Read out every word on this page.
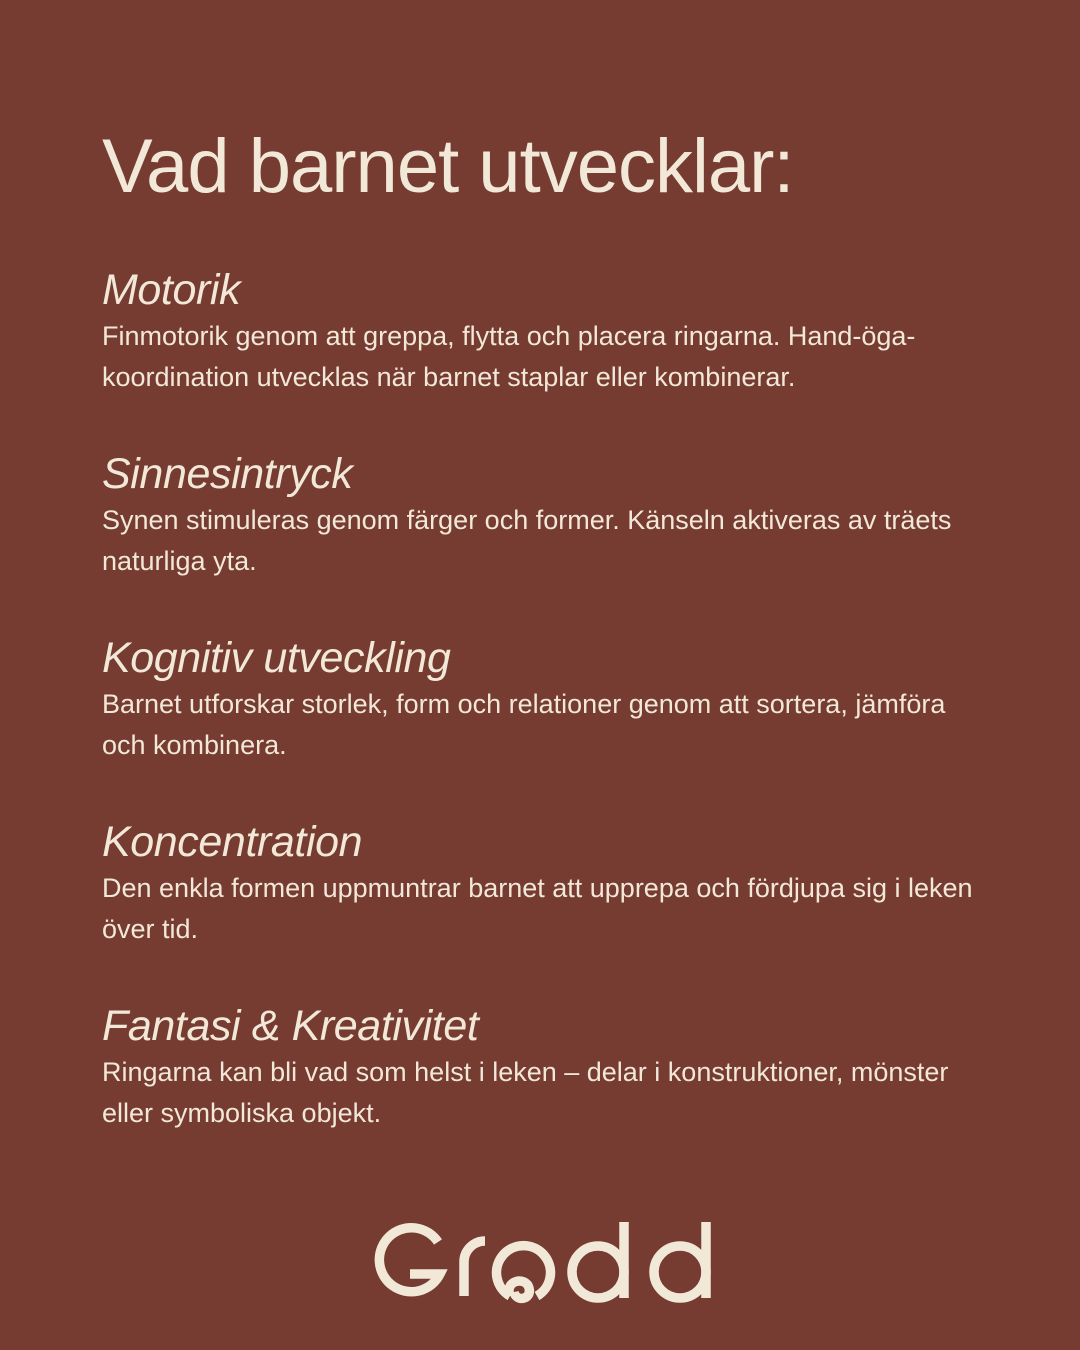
Vad barnet utvecklar:
Motorik

Finmotorik genom att greppa, flytta och placera ringarna. Hand-öga-koordination utvecklas när barnet staplar eller kombinerar.

Sinnesintryck

Synen stimuleras genom färger och former. Känseln aktiveras av träets naturliga yta.

Kognitiv utveckling

Barnet utforskar storlek, form och relationer genom att sortera, jämföra och kombinera.

Koncentration

Den enkla formen uppmuntrar barnet att upprepa och fördjupa sig i leken över tid.

Fantasi & Kreativitet

Ringarna kan bli vad som helst i leken – delar i konstruktioner, mönster eller symboliska objekt.
